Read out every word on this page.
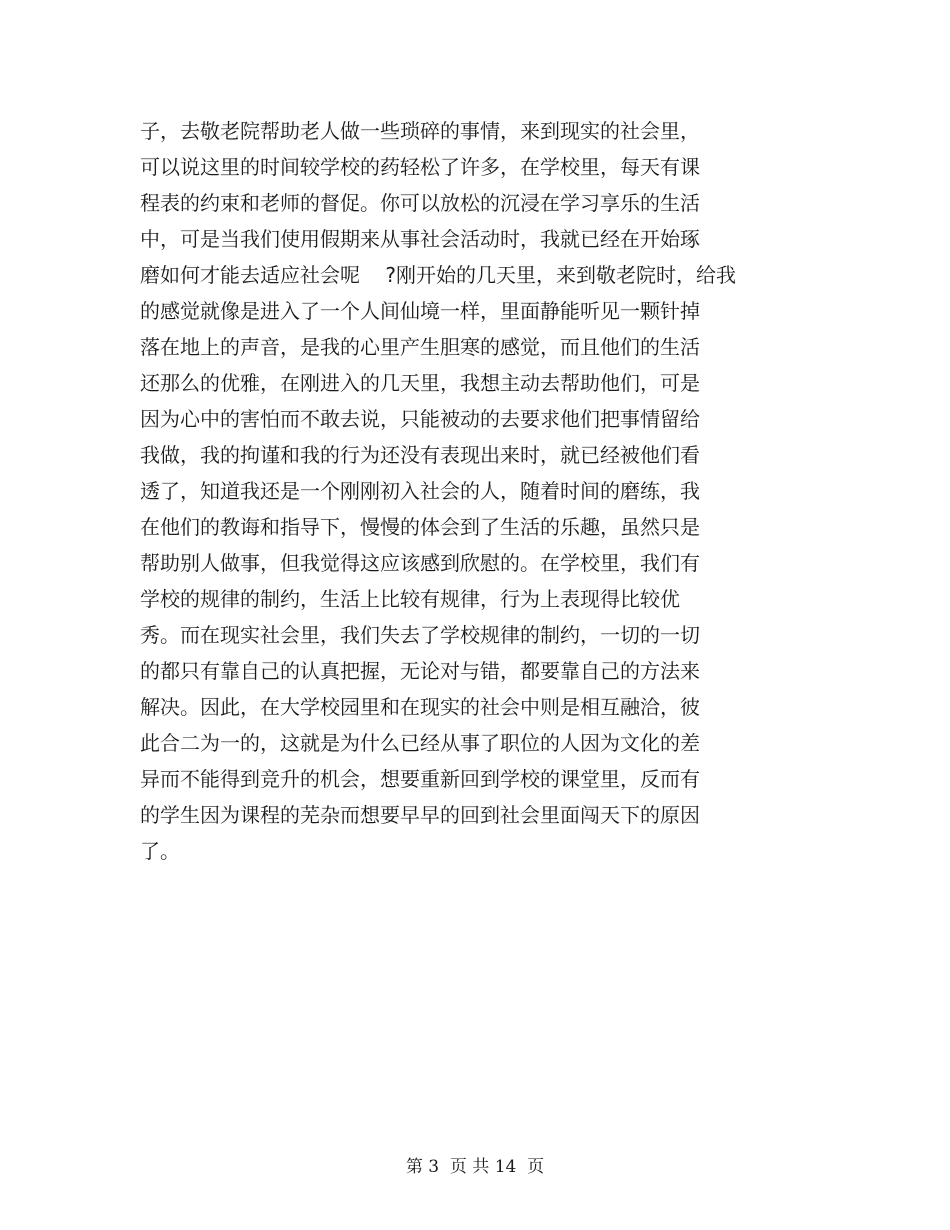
子，去敬老院帮助老人做一些琐碎的事情，来到现实的社会里，
可以说这里的时间较学校的药轻松了许多，在学校里，每天有课
程表的约束和老师的督促。你可以放松的沉浸在学习享乐的生活
中，可是当我们使用假期来从事社会活动时，我就已经在开始琢
磨如何才能去适应社会呢    ?刚开始的几天里，来到敬老院时，给我
的感觉就像是进入了一个人间仙境一样，里面静能听见一颗针掉
落在地上的声音，是我的心里产生胆寒的感觉，而且他们的生活
还那么的优雅，在刚进入的几天里，我想主动去帮助他们，可是
因为心中的害怕而不敢去说，只能被动的去要求他们把事情留给
我做，我的拘谨和我的行为还没有表现出来时，就已经被他们看
透了，知道我还是一个刚刚初入社会的人，随着时间的磨练，我
在他们的教诲和指导下，慢慢的体会到了生活的乐趣，虽然只是
帮助别人做事，但我觉得这应该感到欣慰的。在学校里，我们有
学校的规律的制约，生活上比较有规律，行为上表现得比较优
秀。而在现实社会里，我们失去了学校规律的制约，一切的一切
的都只有靠自己的认真把握，无论对与错，都要靠自己的方法来
解决。因此，在大学校园里和在现实的社会中则是相互融洽，彼
此合二为一的，这就是为什么已经从事了职位的人因为文化的差
异而不能得到竞升的机会，想要重新回到学校的课堂里，反而有
的学生因为课程的芜杂而想要早早的回到社会里面闯天下的原因
了。
第 3  页 共 14  页
